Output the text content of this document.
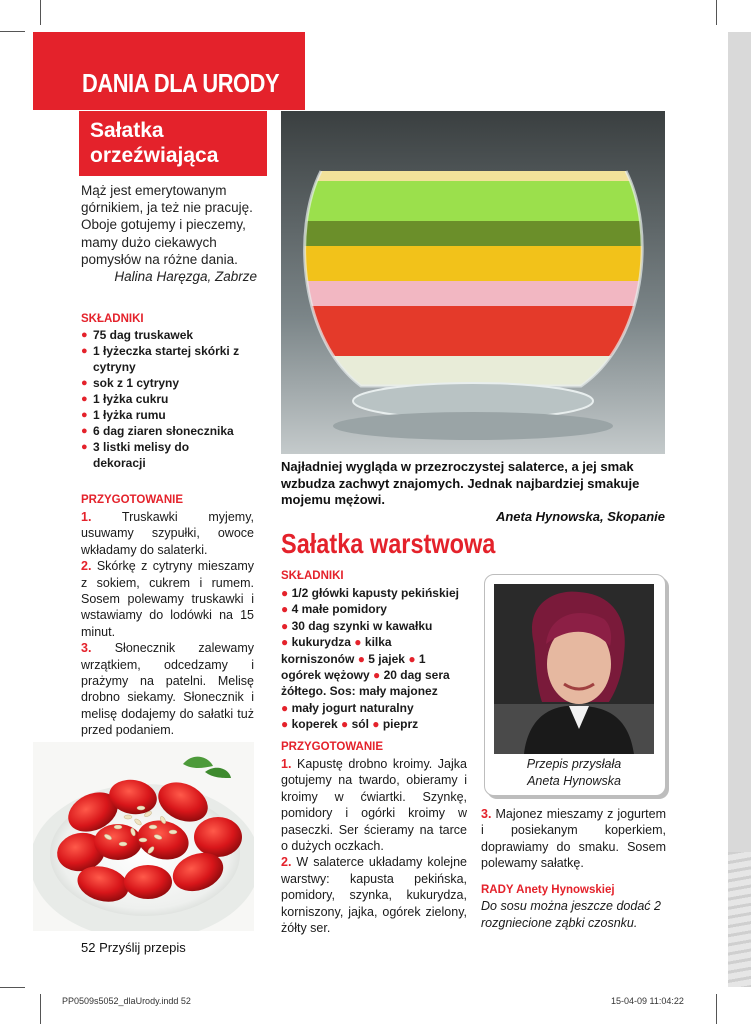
DANIA DLA URODY
Sałatka
orzeźwiająca
Mąż jest emerytowanym górnikiem, ja też nie pracuję. Oboje gotujemy i pieczemy, mamy dużo ciekawych pomysłów na różne dania.
Halina Haręzga, Zabrze
SKŁADNIKI
● 75 dag truskawek
● 1 łyżeczka startej skórki z cytryny
● sok z 1 cytryny
● 1 łyżka cukru
● 1 łyżka rumu
● 6 dag ziaren słonecznika
● 3 listki melisy do dekoracji
PRZYGOTOWANIE

1. Truskawki myjemy, usuwamy szypułki, owoce wkładamy do salaterki.

2. Skórkę z cytryny mieszamy z sokiem, cukrem i rumem. Sosem polewamy truskawki i wstawiamy do lodówki na 15 minut.

3. Słonecznik zalewamy wrzątkiem, odcedzamy i prażymy na patelni. Melisę drobno siekamy. Słonecznik i melisę dodajemy do sałatki tuż przed podaniem.

Najładniej wygląda w przezroczystej salaterce, a jej smak wzbudza zachwyt znajomych. Jednak najbardziej smakuje mojemu mężowi.
Aneta Hynowska, Skopanie
Sałatka warstwowa
SKŁADNIKI

● 1/2 główki kapusty pekińskiej ● 4 małe pomidory

● 30 dag szynki w kawałku

● kukurydza ● kilka korniszonów ● 5 jajek ● 1 ogórek wężowy ● 20 dag sera żółtego. Sos: mały majonez

● mały jogurt naturalny

● koperek ● sól ● pieprz

PRZYGOTOWANIE

1. Kapustę drobno kroimy. Jajka gotujemy na twardo, obieramy i kroimy w ćwiartki. Szynkę, pomidory i ogórki kroimy w paseczki. Ser ścieramy na tarce o dużych oczkach.

2. W salaterce układamy kolejne warstwy: kapusta pekińska, pomidory, szynka, kukurydza, korniszony, jajka, ogórek zielony, żółty ser.

Przepis przysłała
Aneta Hynowska

3. Majonez mieszamy z jogurtem i posiekanym koperkiem, doprawiamy do smaku. Sosem polewamy sałatkę.

RADY Anety Hynowskiej
Do sosu można jeszcze dodać 2 rozgniecione ząbki czosnku.
52 Przyślij przepis
PP0509s5052_dlaUrody.indd 52	15-04-09 11:04:22
